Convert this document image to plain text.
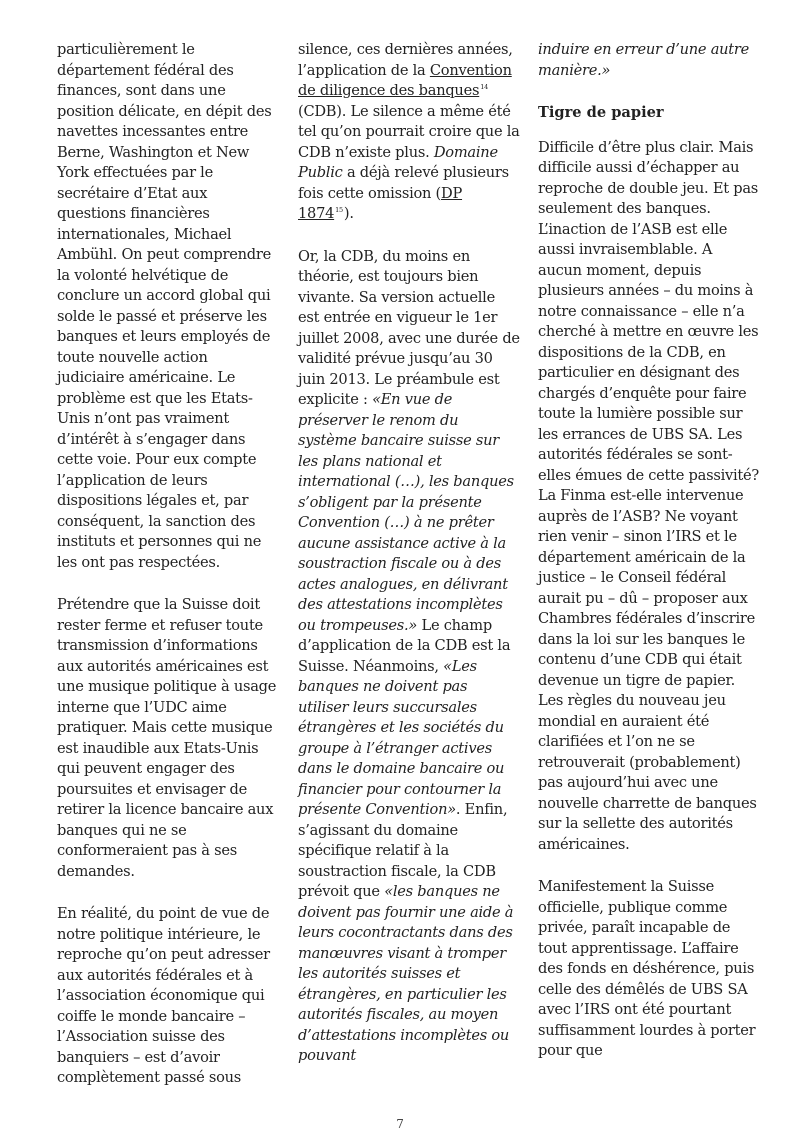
particulièrement le département fédéral des finances, sont dans une position délicate, en dépit des navettes incessantes entre Berne, Washington et New York effectuées par le secrétaire d’Etat aux questions financières internationales, Michael Ambühl. On peut comprendre la volonté helvétique de conclure un accord global qui solde le passé et préserve les banques et leurs employés de toute nouvelle action judiciaire américaine. Le problème est que les Etats-Unis n’ont pas vraiment d’intérêt à s’engager dans cette voie. Pour eux compte l’application de leurs dispositions légales et, par conséquent, la sanction des instituts et personnes qui ne les ont pas respectées.

Prétendre que la Suisse doit rester ferme et refuser toute transmission d’informations aux autorités américaines est une musique politique à usage interne que l’UDC aime pratiquer. Mais cette musique est inaudible aux Etats-Unis qui peuvent engager des poursuites et envisager de retirer la licence bancaire aux banques qui ne se conformeraient pas à ses demandes.

En réalité, du point de vue de notre politique intérieure, le reproche qu’on peut adresser aux autorités fédérales et à l’association économique qui coiffe le monde bancaire – l’Association suisse des banquiers – est d’avoir complètement passé sous

silence, ces dernières années, l’application de la Convention de diligence des banques$^{14}$ (CDB). Le silence a même été tel qu’on pourrait croire que la CDB n’existe plus. Domaine Public a déjà relevé plusieurs fois cette omission (DP 1874$^{15}$).

Or, la CDB, du moins en théorie, est toujours bien vivante. Sa version actuelle est entrée en vigueur le 1er juillet 2008, avec une durée de validité prévue jusqu’au 30 juin 2013. Le préambule est explicite : «En vue de préserver le renom du système bancaire suisse sur les plans national et international (…), les banques s’obligent par la présente Convention (…) à ne prêter aucune assistance active à la soustraction fiscale ou à des actes analogues, en délivrant des attestations incomplètes ou trompeuses.» Le champ d’application de la CDB est la Suisse. Néanmoins, «Les banques ne doivent pas utiliser leurs succursales étrangères et les sociétés du groupe à l’étranger actives dans le domaine bancaire ou financier pour contourner la présente Convention». Enfin, s’agissant du domaine spécifique relatif à la soustraction fiscale, la CDB prévoit que «les banques ne doivent pas fournir une aide à leurs cocontractants dans des manœuvres visant à tromper les autorités suisses et étrangères, en particulier les autorités fiscales, au moyen d’attestations incomplètes ou pouvant

induire en erreur d’une autre manière.»

Tigre de papier

Difficile d’être plus clair. Mais difficile aussi d’échapper au reproche de double jeu. Et pas seulement des banques. L’inaction de l’ASB est elle aussi invraisemblable. A aucun moment, depuis plusieurs années – du moins à notre connaissance – elle n’a cherché à mettre en œuvre les dispositions de la CDB, en particulier en désignant des chargés d’enquête pour faire toute la lumière possible sur les errances de UBS SA. Les autorités fédérales se sont-elles émues de cette passivité? La Finma est-elle intervenue auprès de l’ASB? Ne voyant rien venir – sinon l’IRS et le département américain de la justice – le Conseil fédéral aurait pu – dû – proposer aux Chambres fédérales d’inscrire dans la loi sur les banques le contenu d’une CDB qui était devenue un tigre de papier. Les règles du nouveau jeu mondial en auraient été clarifiées et l’on ne se retrouverait (probablement) pas aujourd’hui avec une nouvelle charrette de banques sur la sellette des autorités américaines.

Manifestement la Suisse officielle, publique comme privée, paraît incapable de tout apprentissage. L’affaire des fonds en déshérence, puis celle des démêlés de UBS SA avec l’IRS ont été pourtant suffisamment lourdes à porter pour que

7
